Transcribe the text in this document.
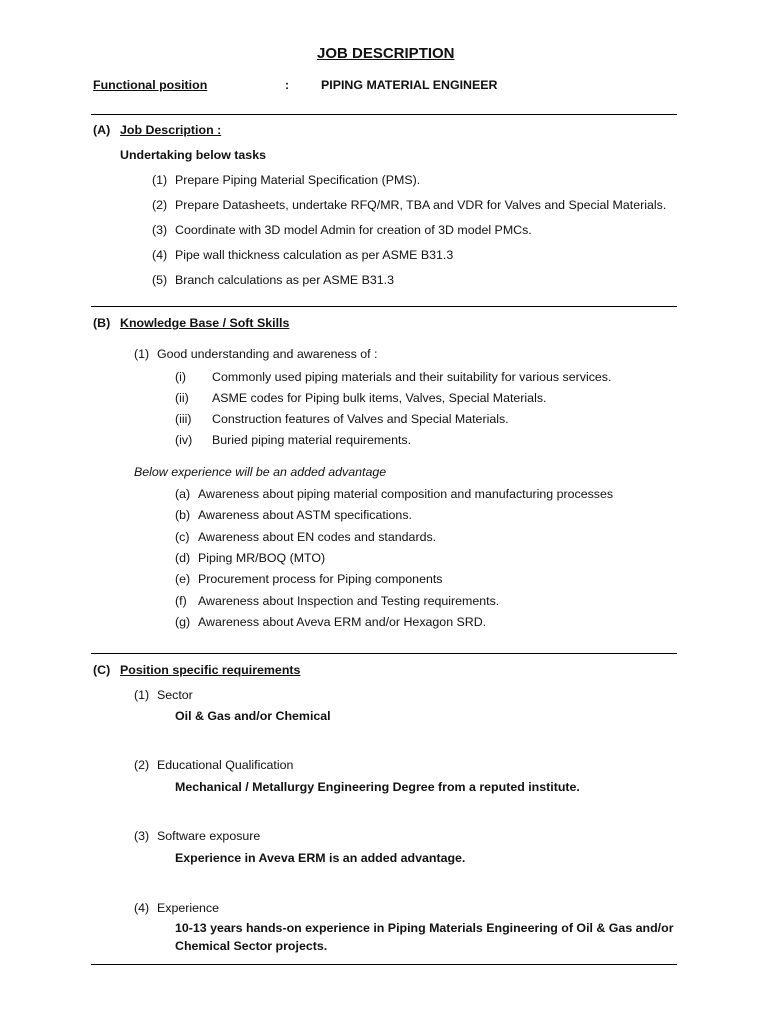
JOB DESCRIPTION
Functional position	:	PIPING MATERIAL ENGINEER
(A) Job Description :
Undertaking below tasks
(1) Prepare Piping Material Specification (PMS).
(2) Prepare Datasheets, undertake RFQ/MR, TBA and VDR for Valves and Special Materials.
(3) Coordinate with 3D model Admin for creation of 3D model PMCs.
(4) Pipe wall thickness calculation as per ASME B31.3
(5) Branch calculations as per ASME B31.3
(B) Knowledge Base / Soft Skills
(1) Good understanding and awareness of :
(i) Commonly used piping materials and their suitability for various services.
(ii) ASME codes for Piping bulk items, Valves, Special Materials.
(iii) Construction features of Valves and Special Materials.
(iv) Buried piping material requirements.
Below experience will be an added advantage
(a) Awareness about piping material composition and manufacturing processes
(b) Awareness about ASTM specifications.
(c) Awareness about EN codes and standards.
(d) Piping MR/BOQ (MTO)
(e) Procurement process for Piping components
(f) Awareness about Inspection and Testing requirements.
(g) Awareness about Aveva ERM and/or Hexagon SRD.
(C) Position specific requirements
(1) Sector
Oil & Gas and/or Chemical
(2) Educational Qualification
Mechanical / Metallurgy Engineering Degree from a reputed institute.
(3) Software exposure
Experience in Aveva ERM is an added advantage.
(4) Experience
10-13 years hands-on experience in Piping Materials Engineering of Oil & Gas and/or Chemical Sector projects.
